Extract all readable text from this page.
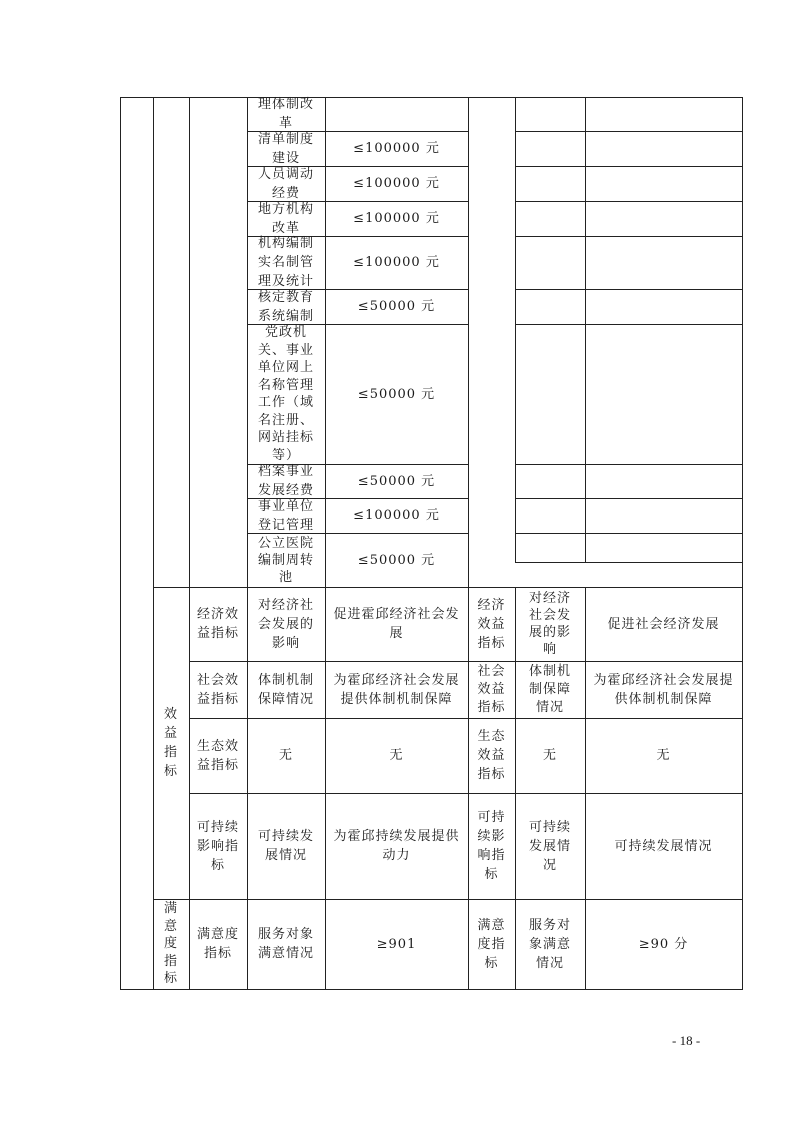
理体制改
革
清单制度
建设
≤100000 元
人员调动
经费
≤100000 元
地方机构
改革
≤100000 元
机构编制
实名制管
理及统计
≤100000 元
核定教育
系统编制
≤50000 元
党政机
关、事业
单位网上
名称管理
工作（域
名注册、
网站挂标
等）
≤50000 元
档案事业
发展经费
≤50000 元
事业单位
登记管理
≤100000 元
公立医院
编制周转
池
≤50000 元
效
益
指
标
经济效
益指标
对经济社
会发展的
影响
促进霍邱经济社会发
展
经济
效益
指标
对经济
社会发
展的影
响
促进社会经济发展
社会效
益指标
体制机制
保障情况
为霍邱经济社会发展
提供体制机制保障
社会
效益
指标
体制机
制保障
情况
为霍邱经济社会发展提
供体制机制保障
生态效
益指标
无	无
生态
效益
指标
无	无
可持续
影响指
标
可持续发
展情况
为霍邱持续发展提供
动力
可持
续影
响指
标
可持续
发展情
况
可持续发展情况
满
意
度
指
标
满意度
指标
服务对象
满意情况
≥901
满意
度指
标
服务对
象满意
情况
≥90 分
- 18 -
